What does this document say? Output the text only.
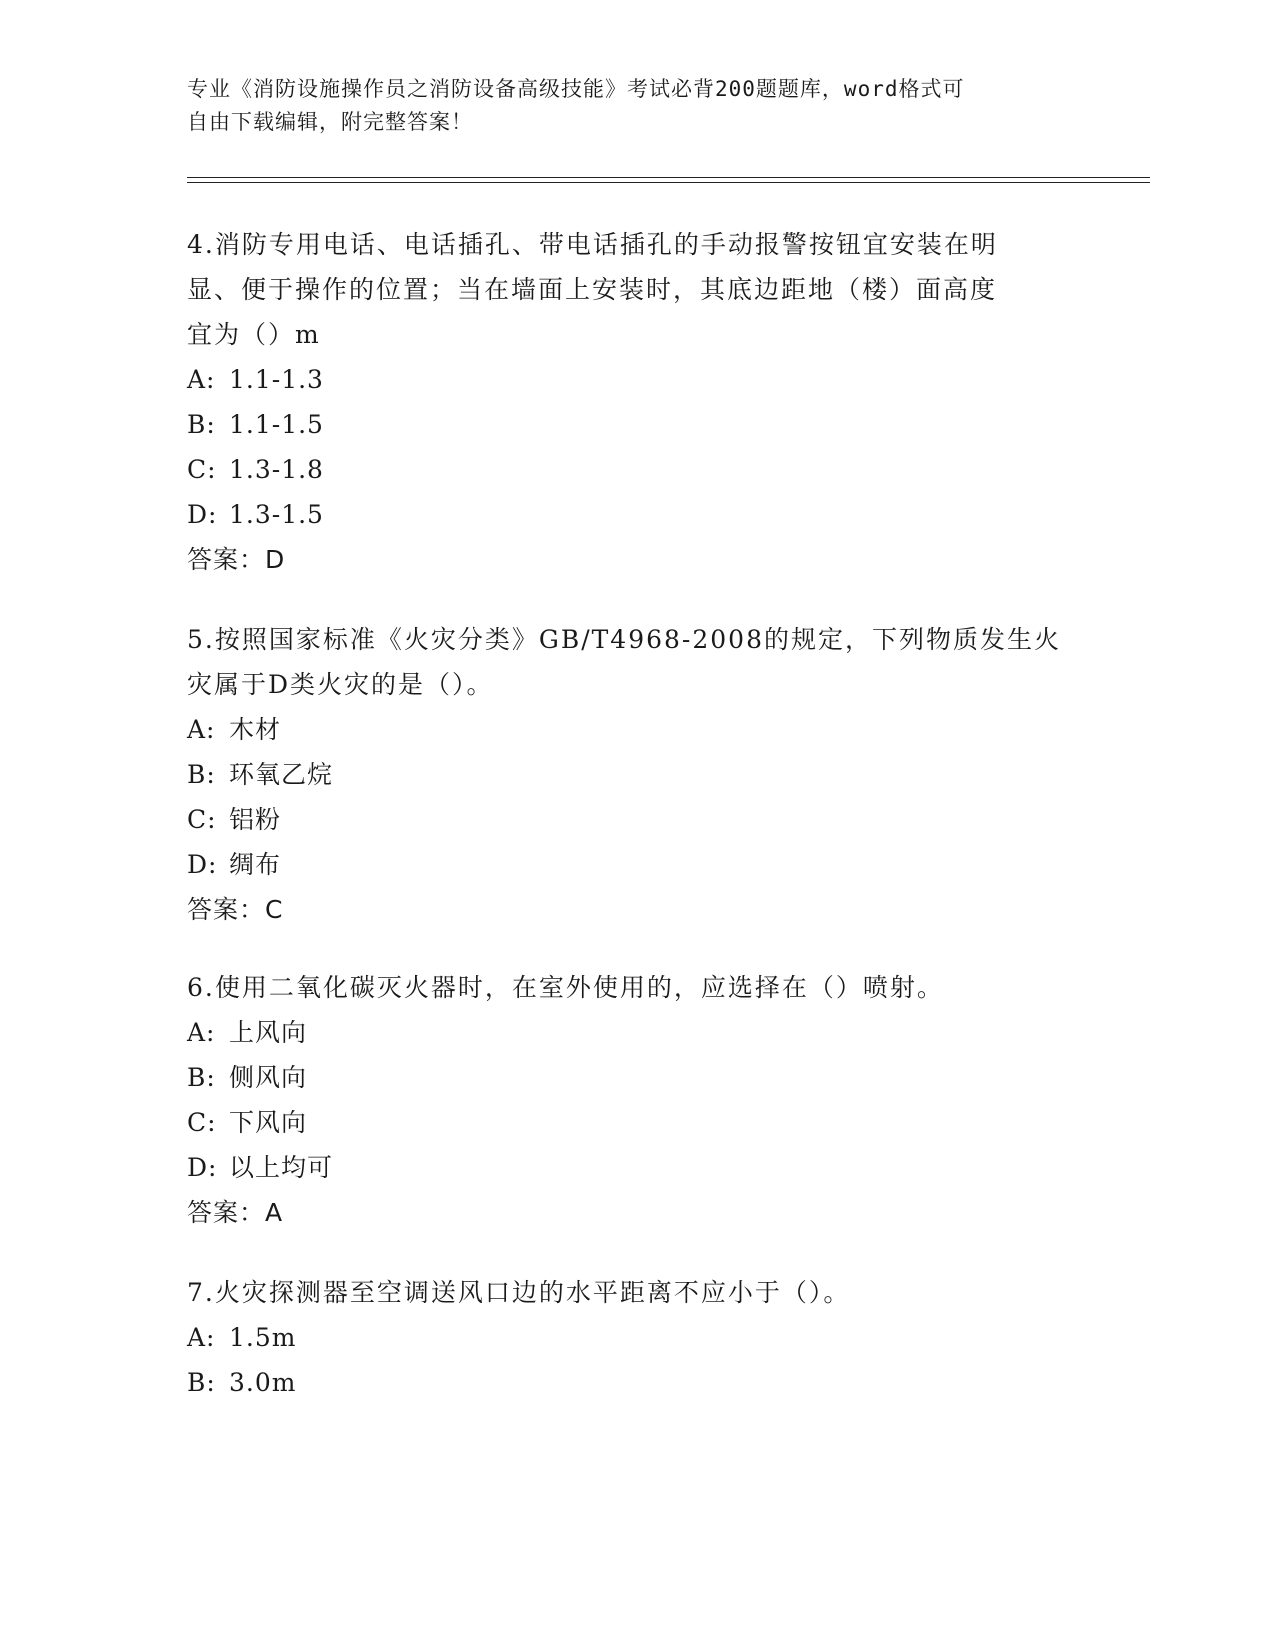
专业《消防设施操作员之消防设备高级技能》考试必背200题题库，word格式可
自由下载编辑，附完整答案！
4.消防专用电话、电话插孔、带电话插孔的手动报警按钮宜安装在明
显、便于操作的位置；当在墙面上安装时，其底边距地（楼）面高度
宜为（）m
A: 1.1-1.3
B: 1.1-1.5
C: 1.3-1.8
D: 1.3-1.5
答案：D
5.按照国家标准《火灾分类》GB/T4968-2008的规定，下列物质发生火
灾属于D类火灾的是（）。
A: 木材
B: 环氧乙烷
C: 铝粉
D: 绸布
答案：C
6.使用二氧化碳灭火器时，在室外使用的，应选择在（）喷射。
A: 上风向
B: 侧风向
C: 下风向
D: 以上均可
答案：A
7.火灾探测器至空调送风口边的水平距离不应小于（）。
A: 1.5m
B: 3.0m
